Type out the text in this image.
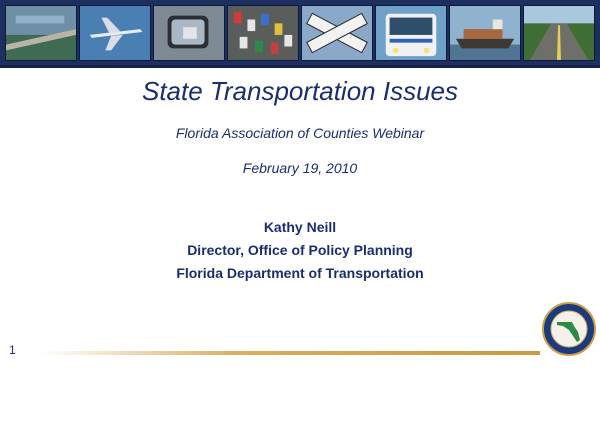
State Transportation Issues
Florida Association of Counties Webinar
February 19, 2010
Kathy Neill
Director, Office of Policy Planning
Florida Department of Transportation
1
